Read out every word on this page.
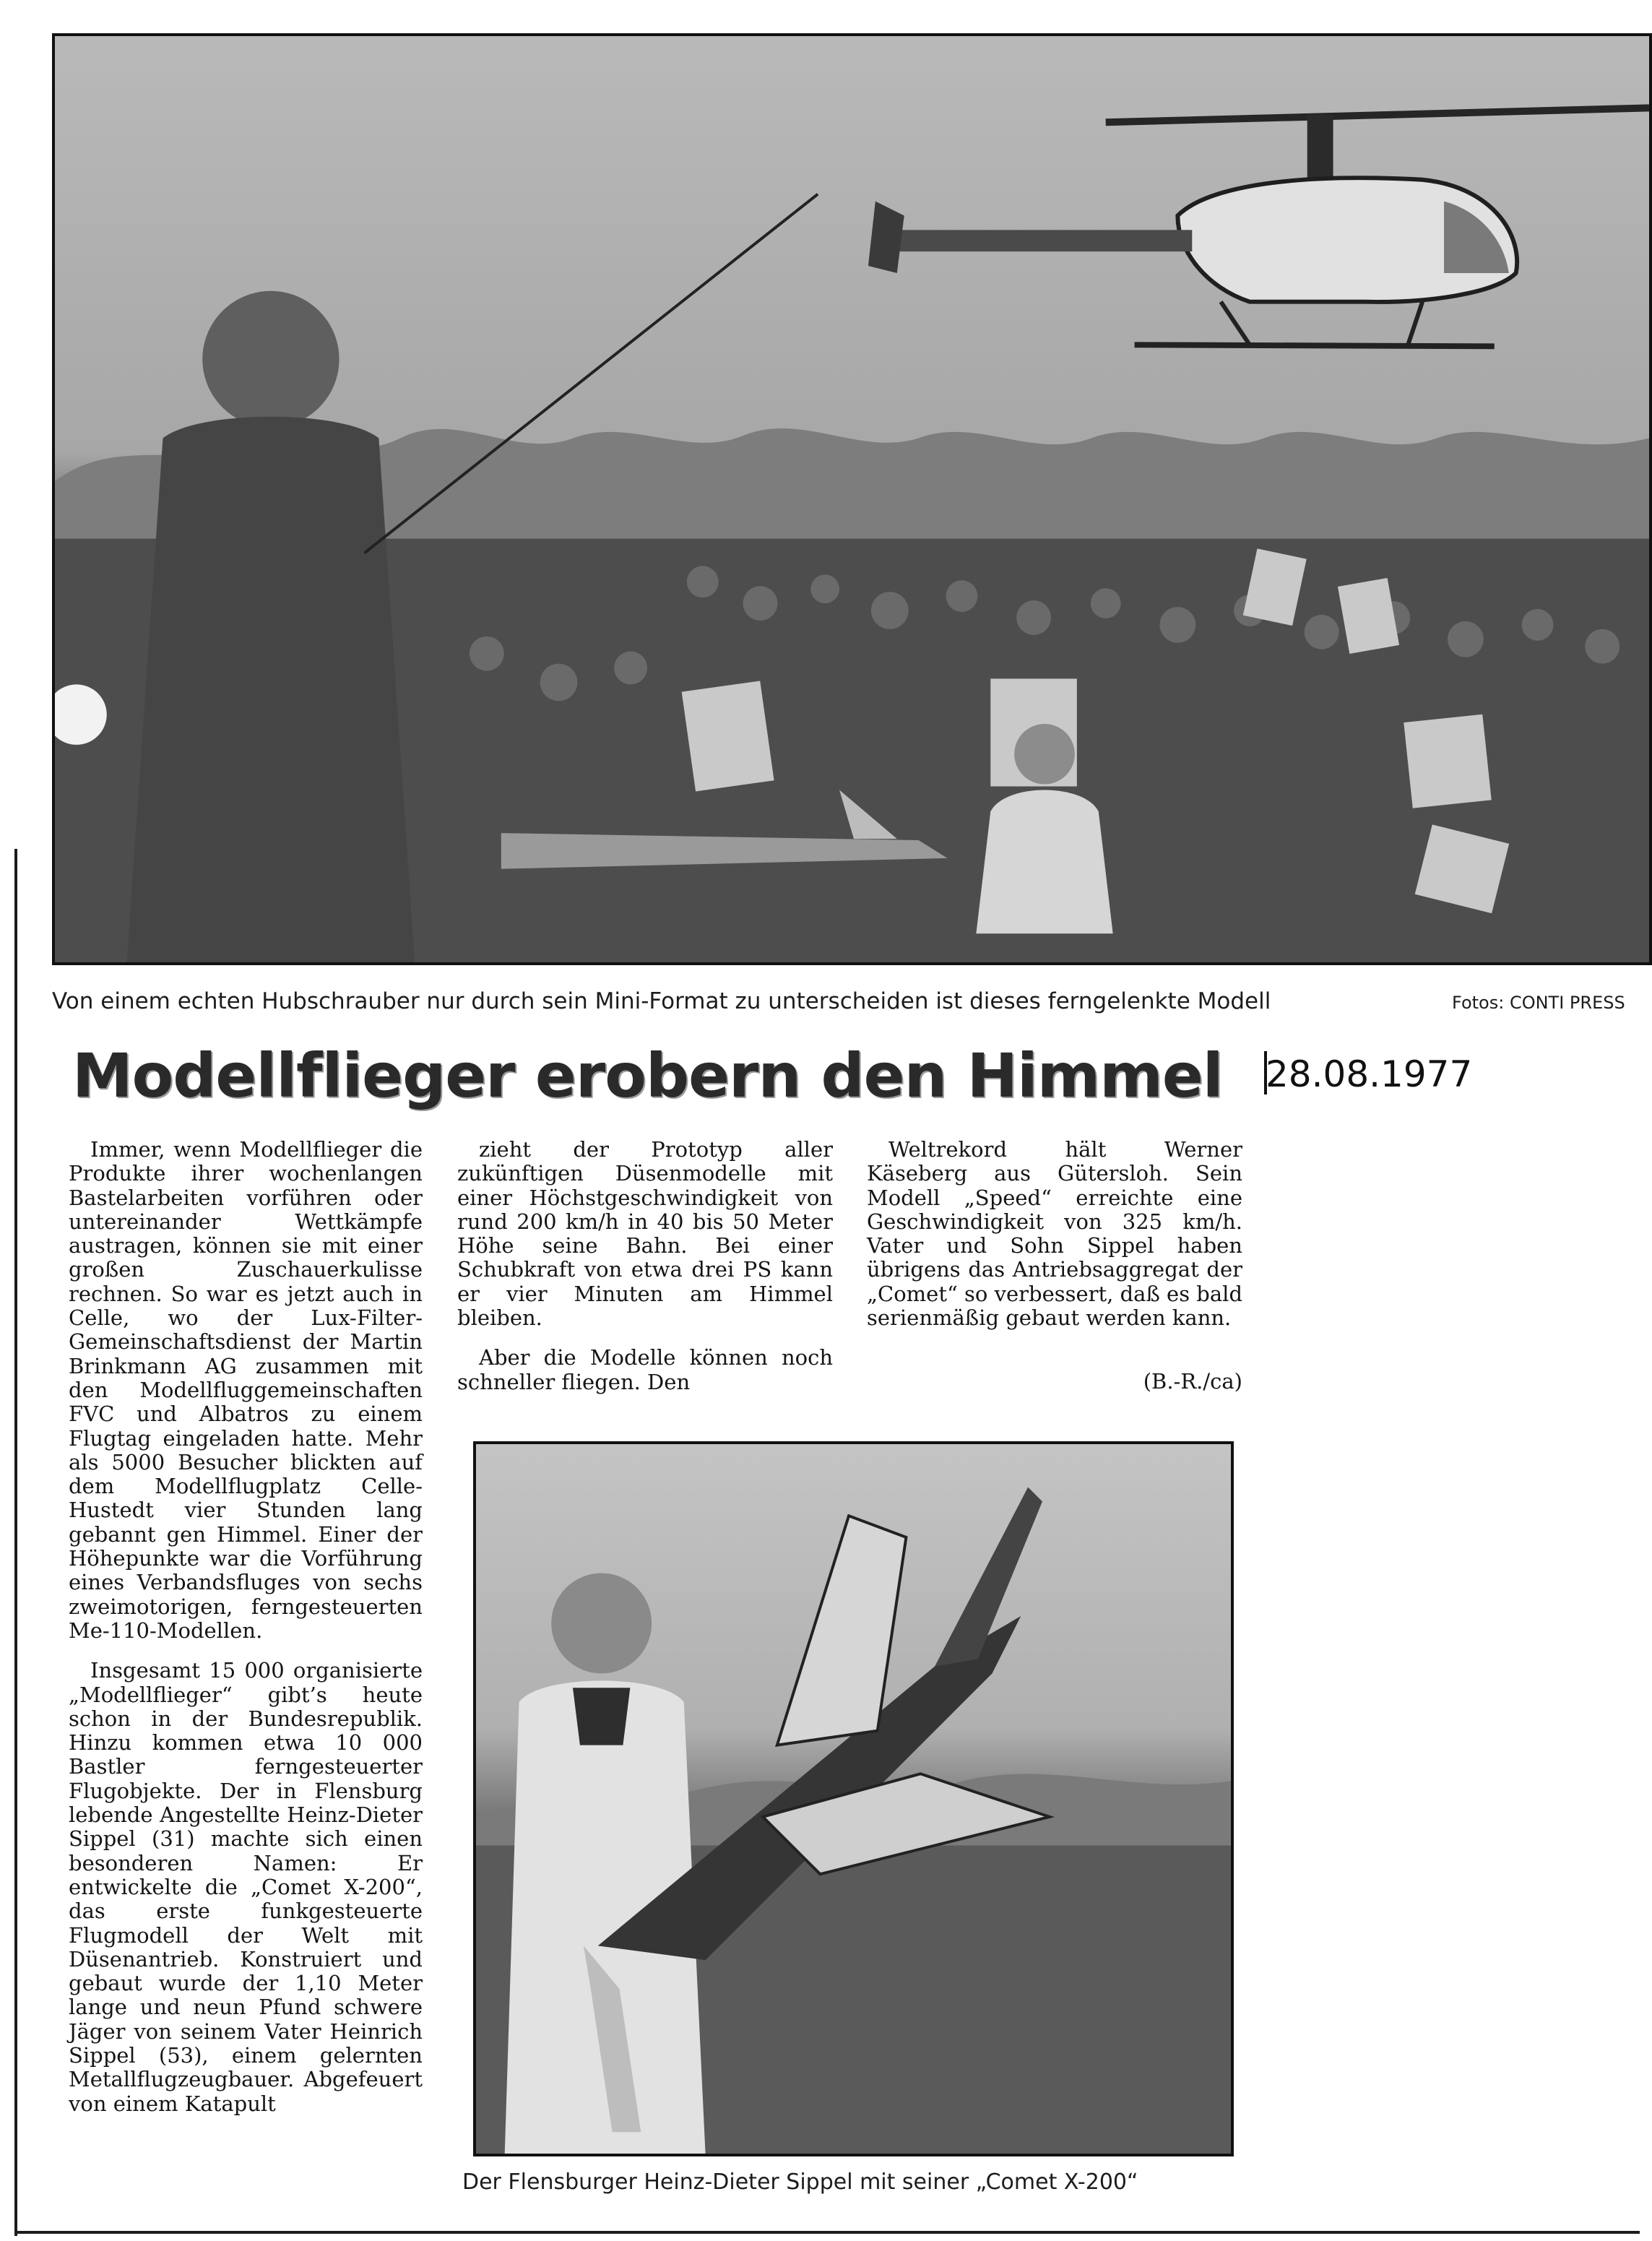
Von einem echten Hubschrauber nur durch sein Mini-Format zu unterscheiden ist dieses ferngelenkte Modell	Fotos: CONTI PRESS
Modellflieger erobern den Himmel 28.08.1977

Immer, wenn Modellflieger die Produkte ihrer wochenlangen Bastelarbeiten vorführen oder untereinander Wettkämpfe austragen, können sie mit einer großen Zuschauerkulisse rechnen. So war es jetzt auch in Celle, wo der Lux-Filter-Gemeinschaftsdienst der Martin Brinkmann AG zusammen mit den Modellfluggemeinschaften FVC und Albatros zu einem Flugtag eingeladen hatte. Mehr als 5000 Besucher blickten auf dem Modellflugplatz Celle-Hustedt vier Stunden lang gebannt gen Himmel. Einer der Höhepunkte war die Vorführung eines Verbandsfluges von sechs zweimotorigen, ferngesteuerten Me-110-Modellen.

Insgesamt 15 000 organisierte „Modellflieger“ gibt’s heute schon in der Bundesrepublik. Hinzu kommen etwa 10 000 Bastler ferngesteuerter Flugobjekte. Der in Flensburg lebende Angestellte Heinz-Dieter Sippel (31) machte sich einen besonderen Namen: Er entwickelte die „Comet X-200“, das erste funkgesteuerte Flugmodell der Welt mit Düsenantrieb. Konstruiert und gebaut wurde der 1,10 Meter lange und neun Pfund schwere Jäger von seinem Vater Heinrich Sippel (53), einem gelernten Metallflugzeugbauer. Abgefeuert von einem Katapult

zieht der Prototyp aller zukünftigen Düsenmodelle mit einer Höchstgeschwindigkeit von rund 200 km/h in 40 bis 50 Meter Höhe seine Bahn. Bei einer Schubkraft von etwa drei PS kann er vier Minuten am Himmel bleiben.

Aber die Modelle können noch schneller fliegen. Den

Weltrekord hält Werner Käseberg aus Gütersloh. Sein Modell „Speed“ erreichte eine Geschwindigkeit von 325 km/h. Vater und Sohn Sippel haben übrigens das Antriebsaggregat der „Comet“ so verbessert, daß es bald serienmäßig gebaut werden kann.

(B.-R./ca)
Der Flensburger Heinz-Dieter Sippel mit seiner „Comet X-200“
